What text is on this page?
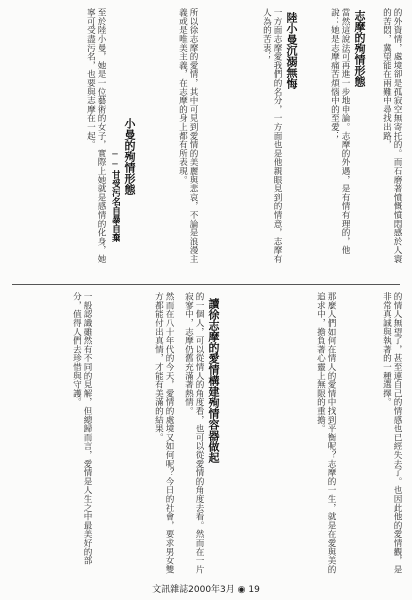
的外資情，處境卻是孤寂空無寄托的。而石磨著憤慨憤悶感於人寰的苦悶，冀望能在兩難中尋找出路，

志摩的殉情形態

當然這說法可再進一步地申論。志摩的外遇，是有情有理的，他說：她是志摩痛苦煩惱中的至愛；

陸小曼沉溺無悔

一方面志摩愛我們的名分，一方面也是他親眼見到的情意，志摩有人為的苦衷；

所以徐志摩的愛情，其中可見到愛情的美麗與悲哀，不論是浪漫主義或是唯美主義，在志摩的身上都有所表現。

小曼的殉情形態
──甘受污名自暴自棄

至於陸小曼，她是一位藝術的女子，實際上她就是感情的化身，她寧可受盡污名，也要與志摩在一起。

的情人無望了，甚至連自己的情感也已經失去了。也因此他的愛情觀，是非常真誠與執著的一種選擇。

那麼人們如何在情人的愛情中找到平衡呢？志摩的一生，就是在愛與美的追求中，擔負著心靈上無限的重擔。

讀徐志摩的愛情構建殉情容器做起

的一個人，可以從情人的角度看，也可以從愛情的角度去看。然而在一片寂寥中，志摩仍舊充滿著熱情。

然而在八十年代的今天，愛情的處境又如何呢？今日的社會，要求男女雙方都能付出真情，才能有美滿的結果。

一般認識雖然有不同的見解，但總歸而言，愛情是人生之中最美好的部分，值得人們去珍惜與守護。

文訊雜誌2000年3月 ◉ 19
